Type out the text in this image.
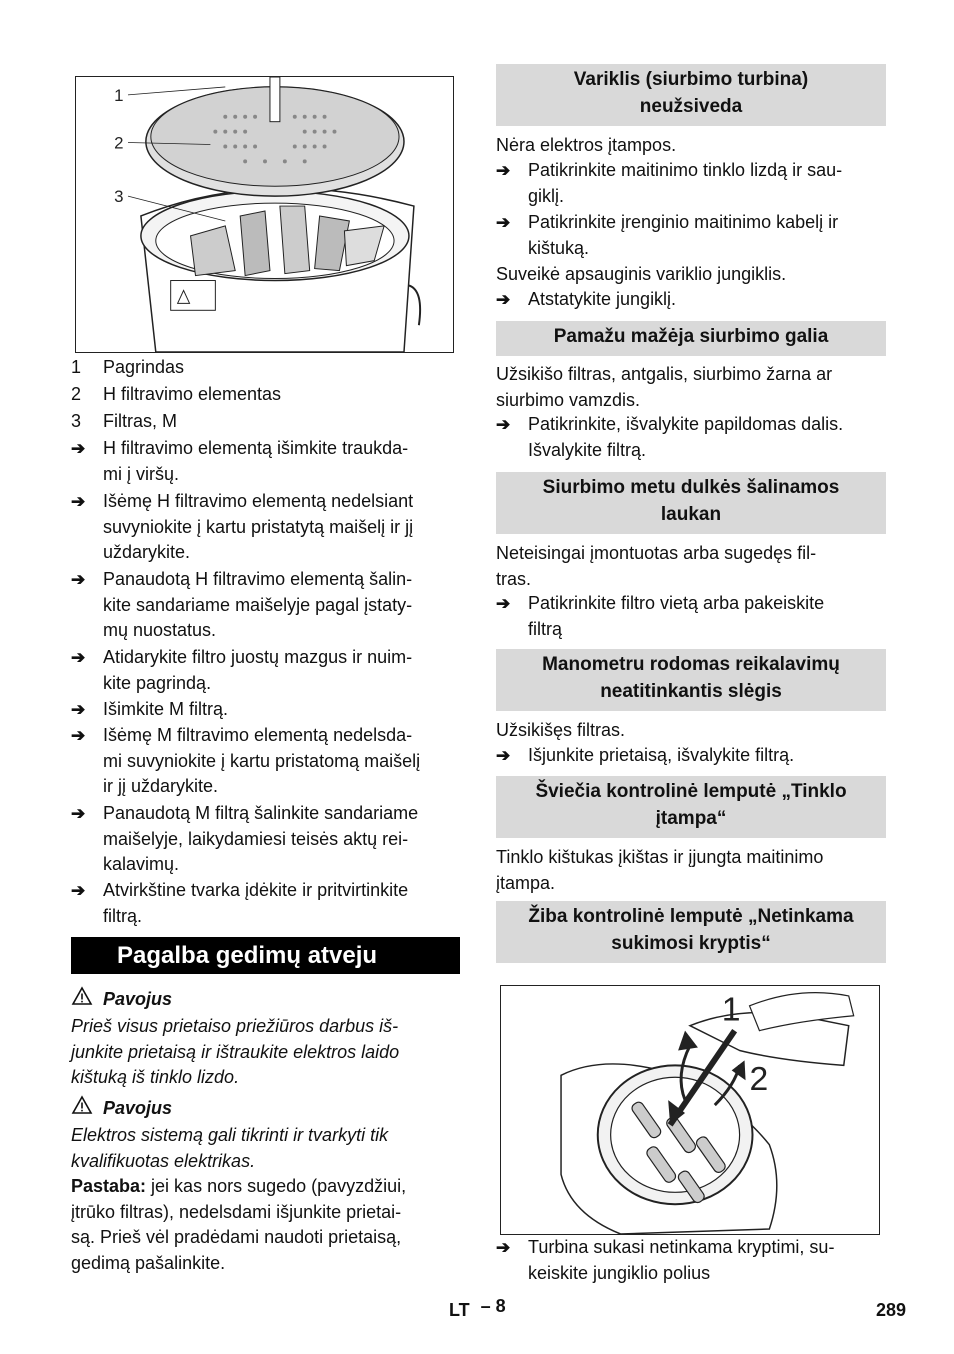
1
2
3
1	Pagrindas
2	H filtravimo elementas
3	Filtras, M
➔ H filtravimo elementą išimkite traukda-
mi į viršų.
➔ Išėmę H filtravimo elementą nedelsiant
suvyniokite į kartu pristatytą maišelį ir jį
uždarykite.
➔ Panaudotą H filtravimo elementą šalin-
kite sandariame maišelyje pagal įstaty-
mų nuostatus.
➔ Atidarykite filtro juostų mazgus ir nuim-
kite pagrindą.
➔ Išimkite M filtrą.
➔ Išėmę M filtravimo elementą nedelsda-
mi suvyniokite į kartu pristatomą maišelį
ir jį uždarykite.
➔ Panaudotą M filtrą šalinkite sandariame
maišelyje, laikydamiesi teisės aktų rei-
kalavimų.
➔ Atvirkštine tvarka įdėkite ir pritvirtinkite
filtrą.
Pagalba gedimų atveju
Pavojus

Prieš visus prietaiso priežiūros darbus iš-
junkite prietaisą ir ištraukite elektros laido
kištuką iš tinklo lizdo.

Pavojus

Elektros sistemą gali tikrinti ir tvarkyti tik
kvalifikuotas elektrikas.

Pastaba: jei kas nors sugedo (pavyzdžiui,
įtrūko filtras), nedelsdami išjunkite prietai-
są. Prieš vėl pradėdami naudoti prietaisą,
gedimą pašalinkite.

Variklis (siurbimo turbina)
neužsiveda

Nėra elektros įtampos.

➔ Patikrinkite maitinimo tinklo lizdą ir sau-
giklį.
➔ Patikrinkite įrenginio maitinimo kabelį ir
kištuką.

Suveikė apsauginis variklio jungiklis.

➔ Atstatykite jungiklį.
Pamažu mažėja siurbimo galia

Užsikišo filtras, antgalis, siurbimo žarna ar
siurbimo vamzdis.

➔ Patikrinkite, išvalykite papildomas dalis.
Išvalykite filtrą.
Siurbimo metu dulkės šalinamos
laukan

Neteisingai įmontuotas arba sugedęs fil-
tras.

➔ Patikrinkite filtro vietą arba pakeiskite
filtrą
Manometru rodomas reikalavimų
neatitinkantis slėgis

Užsikišęs filtras.

➔ Išjunkite prietaisą, išvalykite filtrą.
Šviečia kontrolinė lemputė „Tinklo
įtampa“

Tinklo kištukas įkištas ir įjungta maitinimo
įtampa.

Žiba kontrolinė lemputė „Netinkama
sukimosi kryptis“
1
2
➔ Turbina sukasi netinkama kryptimi, su-
keiskite jungiklio polius
LT – 8	289
